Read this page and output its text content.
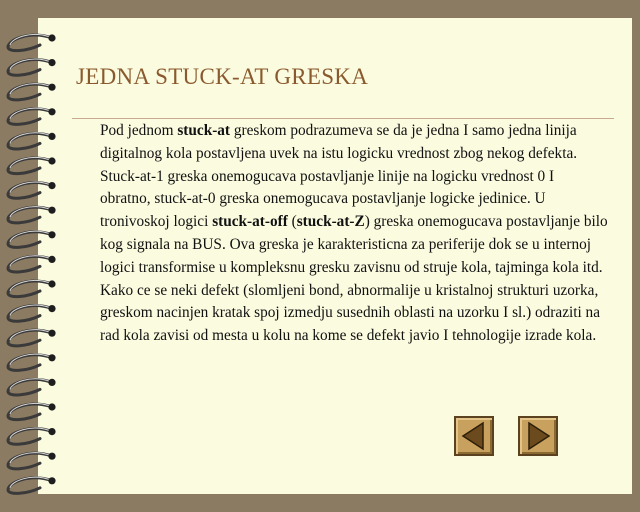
JEDNA STUCK-AT GRESKA
Pod jednom stuck-at greskom podrazumeva se da je jedna I samo jedna linija digitalnog kola postavljena uvek na istu logicku vrednost zbog nekog defekta. Stuck-at-1 greska onemogucava postavljanje linije na logicku vrednost 0 I obratno, stuck-at-0 greska onemogucava postavljanje logicke jedinice. U tronivoskoj logici stuck-at-off (stuck-at-Z) greska onemogucava postavljanje bilo kog signala na BUS. Ova greska je karakteristicna za periferije dok se u internoj logici transformise u kompleksnu gresku zavisnu od struje kola, tajminga kola itd. Kako ce se neki defekt (slomljeni bond, abnormalije u kristalnoj strukturi uzorka, greskom nacinjen kratak spoj izmedju susednih oblasti na uzorku I sl.) odraziti na rad kola zavisi od mesta u kolu na kome se defekt javio I tehnologije izrade kola.
